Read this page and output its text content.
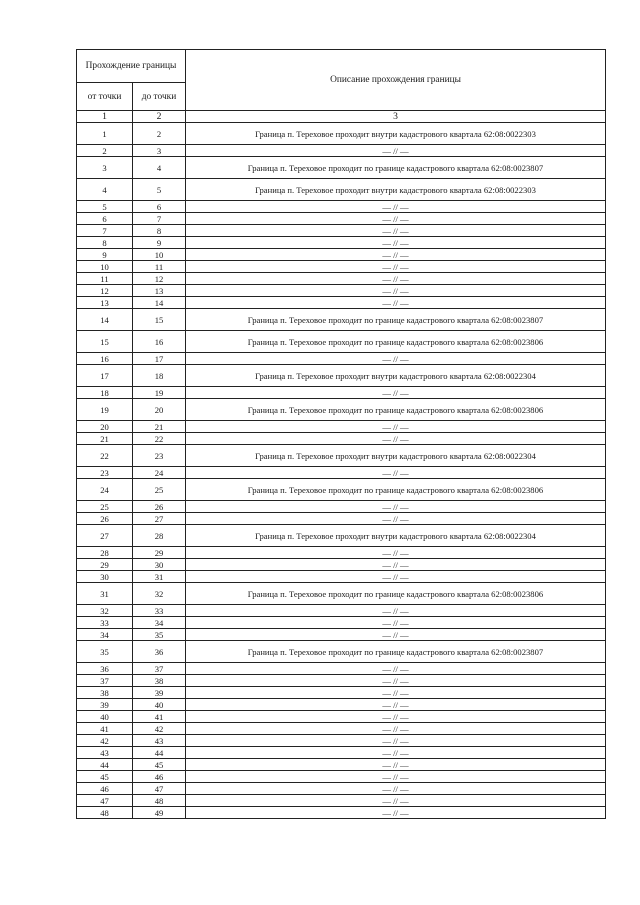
Прохождение границы		Описание прохождения границы
от точки	до точки	
1	2	3
1	2	Граница п. Тереховое проходит внутри кадастрового квартала 62:08:0022303
2	3	— // —
3	4	Граница п. Тереховое проходит по границе кадастрового квартала 62:08:0023807
4	5	Граница п. Тереховое проходит внутри кадастрового квартала 62:08:0022303
5	6	— // —
6	7	— // —
7	8	— // —
8	9	— // —
9	10	— // —
10	11	— // —
11	12	— // —
12	13	— // —
13	14	— // —
14	15	Граница п. Тереховое проходит по границе кадастрового квартала 62:08:0023807
15	16	Граница п. Тереховое проходит по границе кадастрового квартала 62:08:0023806
16	17	— // —
17	18	Граница п. Тереховое проходит внутри кадастрового квартала 62:08:0022304
18	19	— // —
19	20	Граница п. Тереховое проходит по границе кадастрового квартала 62:08:0023806
20	21	— // —
21	22	— // —
22	23	Граница п. Тереховое проходит внутри кадастрового квартала 62:08:0022304
23	24	— // —
24	25	Граница п. Тереховое проходит по границе кадастрового квартала 62:08:0023806
25	26	— // —
26	27	— // —
27	28	Граница п. Тереховое проходит внутри кадастрового квартала 62:08:0022304
28	29	— // —
29	30	— // —
30	31	— // —
31	32	Граница п. Тереховое проходит по границе кадастрового квартала 62:08:0023806
32	33	— // —
33	34	— // —
34	35	— // —
35	36	Граница п. Тереховое проходит по границе кадастрового квартала 62:08:0023807
36	37	— // —
37	38	— // —
38	39	— // —
39	40	— // —
40	41	— // —
41	42	— // —
42	43	— // —
43	44	— // —
44	45	— // —
45	46	— // —
46	47	— // —
47	48	— // —
48	49	— // —
